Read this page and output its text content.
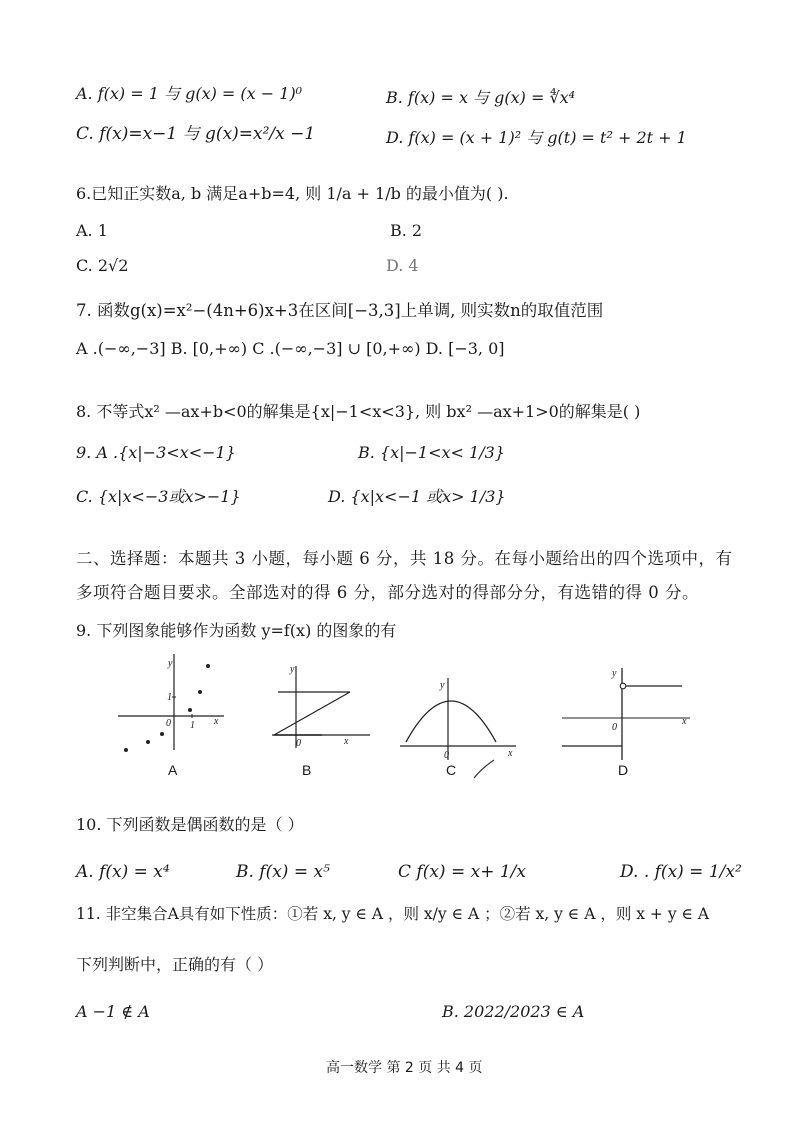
A. f(x) = 1 与 g(x) = (x − 1)⁰	B. f(x) = x 与 g(x) = ∜x⁴
C. f(x)=x−1 与 g(x)=x²/x −1	D. f(x) = (x + 1)² 与 g(t) = t² + 2t + 1
6.已知正实数a, b 满足a+b=4, 则 1/a + 1/b 的最小值为( ).
A. 1	B. 2
C. 2√2	D. 4
7. 函数g(x)=x²−(4n+6)x+3在区间[−3,3]上单调, 则实数n的取值范围
A .(−∞,−3] B. [0,+∞) C .(−∞,−3] ∪ [0,+∞) D. [−3, 0]
8. 不等式x² —ax+b<0的解集是{x|−1<x<3}, 则 bx² —ax+1>0的解集是( )
9. A .{x|−3<x<−1}	B. {x|−1<x< 1/3}
C. {x|x<−3或x>−1}	D. {x|x<−1 或x> 1/3}
二、选择题：本题共 3 小题，每小题 6 分，共 18 分。在每小题给出的四个选项中，有
多项符合题目要求。全部选对的得 6 分，部分选对的得部分分，有选错的得 0 分。
9. 下列图象能够作为函数 y=f(x) 的图象的有
y
x
0
1
1
A
y
x
0
B
y
x
0
C
y
x
0
D
10. 下列函数是偶函数的是（ ）
A. f(x) = x⁴	B. f(x) = x⁵	C f(x) = x+ 1/x	D. . f(x) = 1/x²
11. 非空集合A具有如下性质：①若 x, y ∈ A ，则 x/y ∈ A ；②若 x, y ∈ A ，则 x + y ∈ A
下列判断中，正确的有（ ）
A −1 ∉ A	B. 2022/2023 ∈ A
高一数学 第 2 页 共 4 页
